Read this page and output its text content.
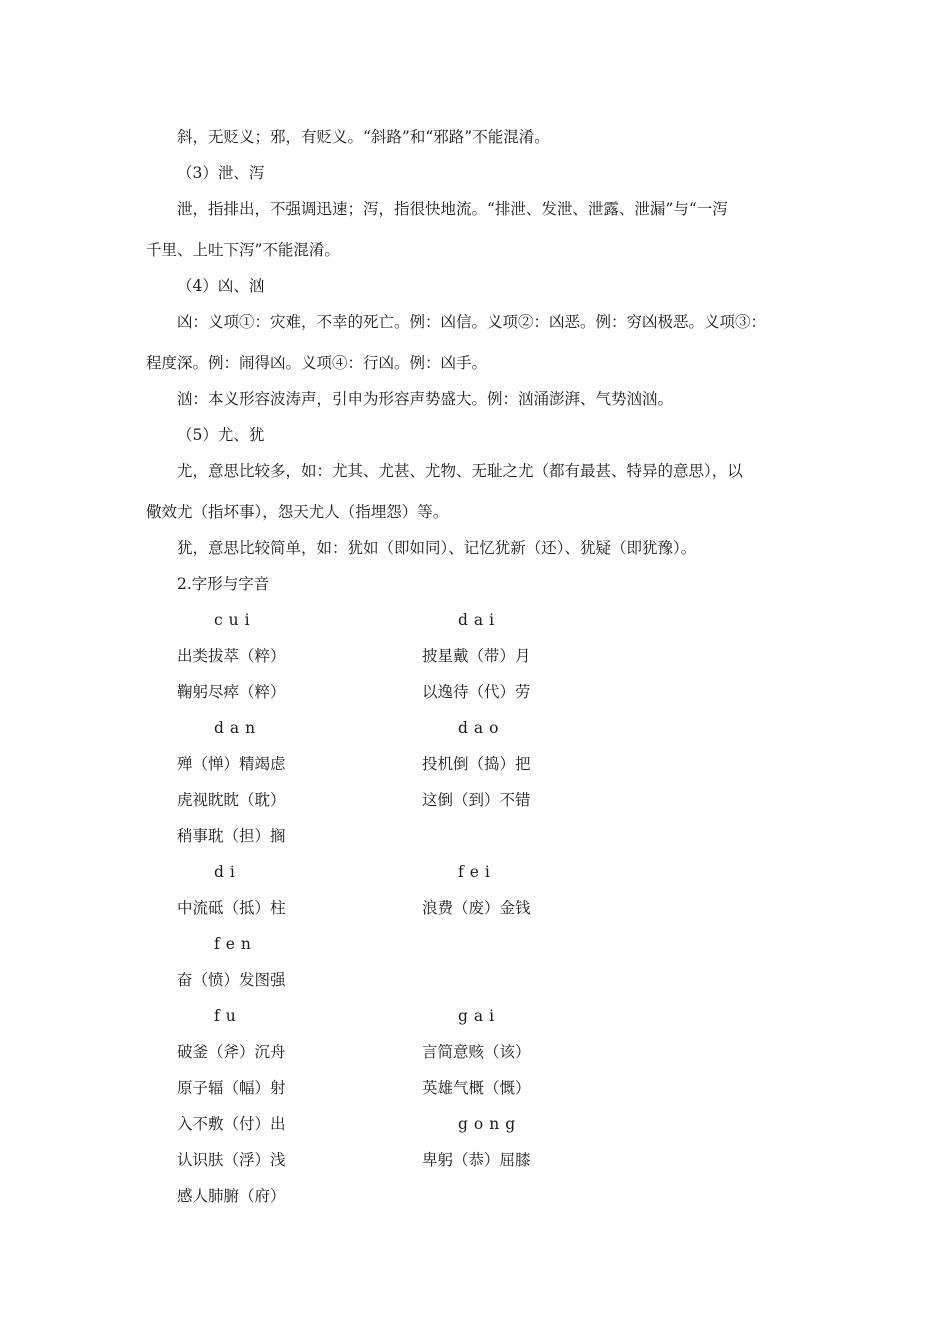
斜，无贬义；邪，有贬义。“斜路”和“邪路”不能混淆。
（3）泄、泻
泄，指排出，不强调迅速；泻，指很快地流。“排泄、发泄、泄露、泄漏”与“一泻
千里、上吐下泻”不能混淆。
（4）凶、汹
凶：义项①：灾难，不幸的死亡。例：凶信。义项②：凶恶。例：穷凶极恶。义项③：
程度深。例：闹得凶。义项④：行凶。例：凶手。
汹：本义形容波涛声，引申为形容声势盛大。例：汹涌澎湃、气势汹汹。
（5）尤、犹
尤，意思比较多，如：尤其、尤甚、尤物、无耻之尤（都有最甚、特异的意思），以
儆效尤（指坏事），怨天尤人（指埋怨）等。
犹，意思比较简单，如：犹如（即如同）、记忆犹新（还）、犹疑（即犹豫）。
2.字形与字音
cui	dai
出类拔萃（粹）	披星戴（带）月
鞠躬尽瘁（粹）	以逸待（代）劳
dan	dao
殚（惮）精竭虑	投机倒（捣）把
虎视眈眈（耽）	这倒（到）不错
稍事耽（担）搁
di	fei
中流砥（抵）柱	浪费（废）金钱
fen
奋（愤）发图强
fu	gai
破釜（斧）沉舟	言简意赅（该）
原子辐（幅）射	英雄气概（慨）
入不敷（付）出	gong
认识肤（浮）浅	卑躬（恭）屈膝
感人肺腑（府）
